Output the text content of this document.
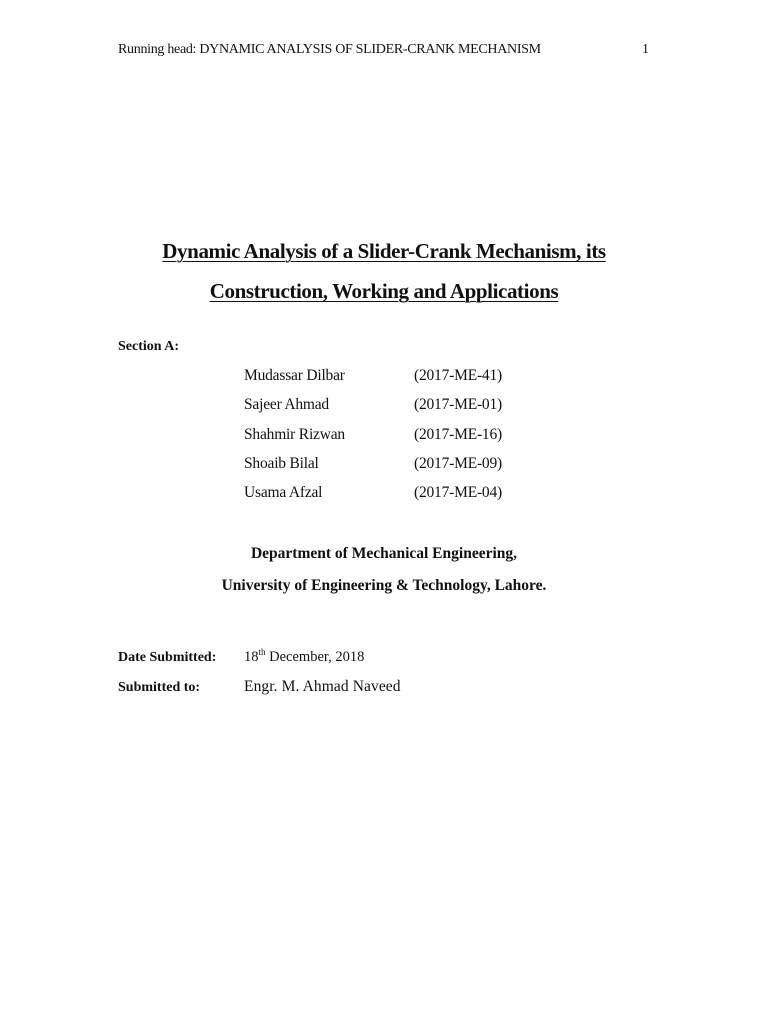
Running head: DYNAMIC ANALYSIS OF SLIDER-CRANK MECHANISM	1
Dynamic Analysis of a Slider-Crank Mechanism, its
Construction, Working and Applications
Section A:
Mudassar Dilbar	(2017-ME-41)
Sajeer Ahmad	(2017-ME-01)
Shahmir Rizwan	(2017-ME-16)
Shoaib Bilal	(2017-ME-09)
Usama Afzal	(2017-ME-04)
Department of Mechanical Engineering,
University of Engineering & Technology, Lahore.
Date Submitted:	18th December, 2018
Submitted to:	Engr. M. Ahmad Naveed
